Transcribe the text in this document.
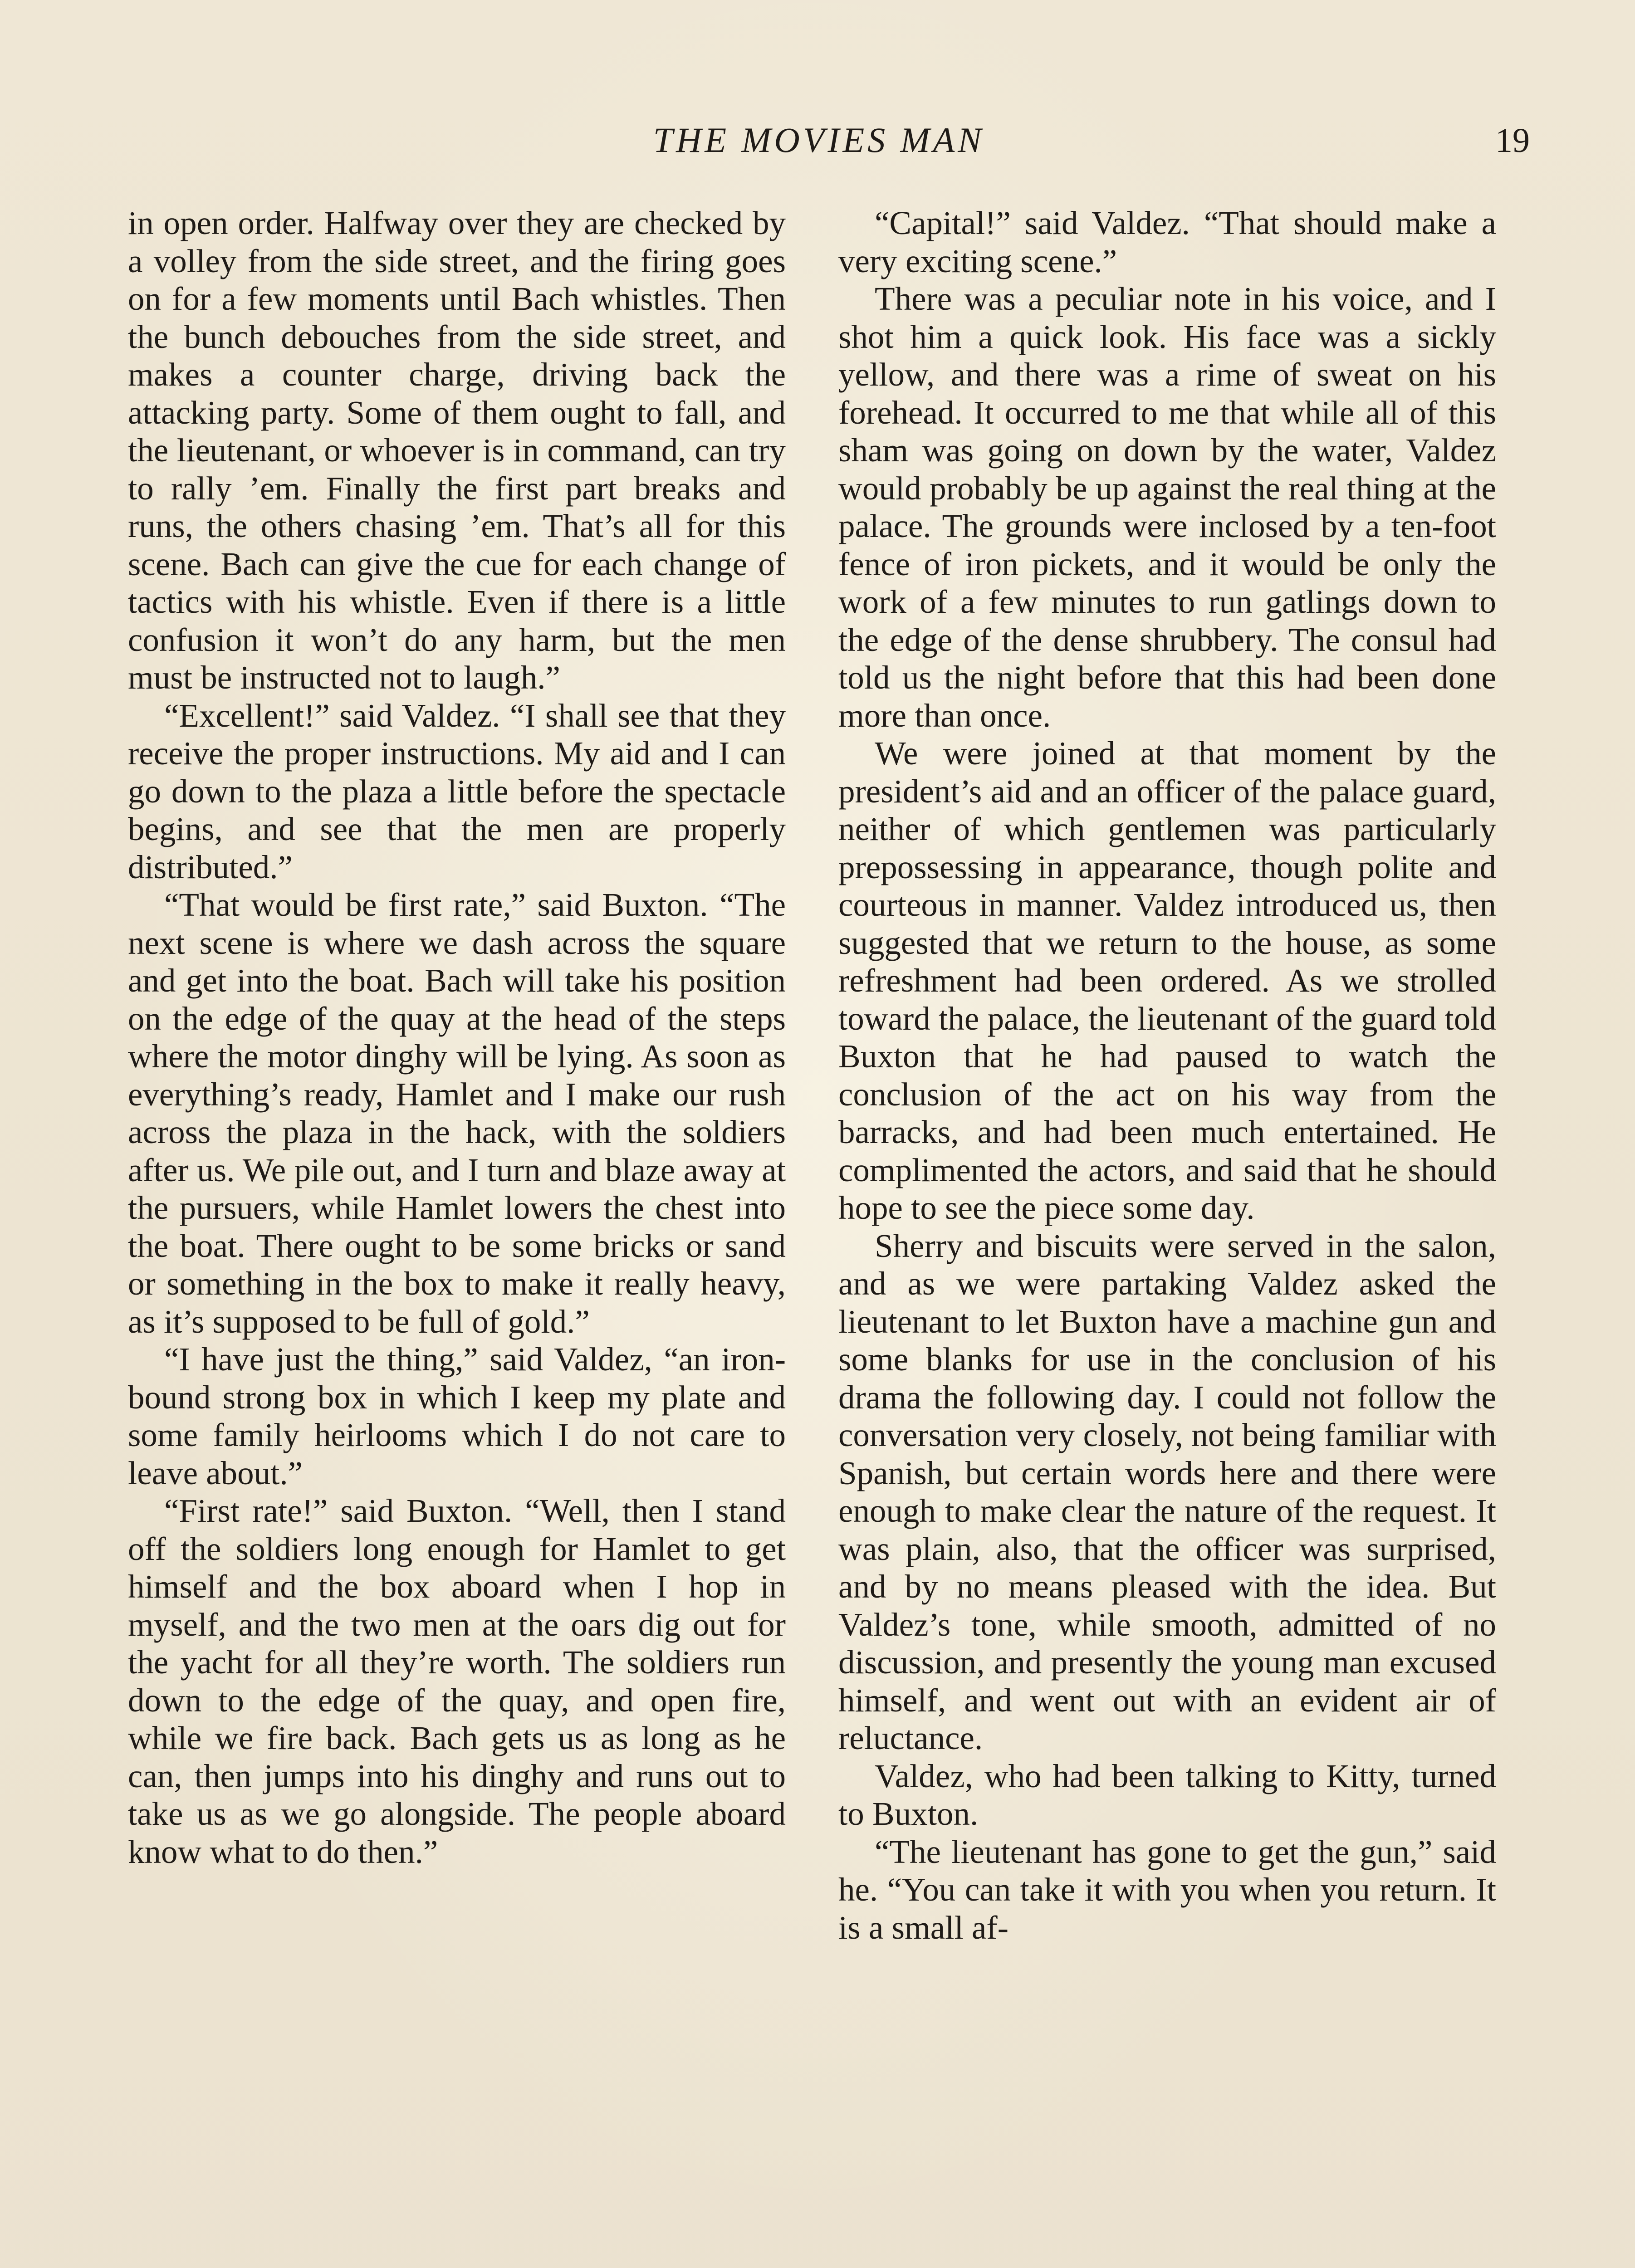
THE MOVIES MAN	19

in open order. Halfway over they are checked by a volley from the side street, and the firing goes on for a few moments until Bach whistles. Then the bunch debouches from the side street, and makes a counter charge, driving back the attacking party. Some of them ought to fall, and the lieutenant, or whoever is in command, can try to rally ’em. Finally the first part breaks and runs, the others chasing ’em. That’s all for this scene. Bach can give the cue for each change of tactics with his whistle. Even if there is a little confusion it won’t do any harm, but the men must be instructed not to laugh.”

“Excellent!” said Valdez. “I shall see that they receive the proper instructions. My aid and I can go down to the plaza a little before the spectacle begins, and see that the men are properly distributed.”

“That would be first rate,” said Buxton. “The next scene is where we dash across the square and get into the boat. Bach will take his position on the edge of the quay at the head of the steps where the motor dinghy will be lying. As soon as everything’s ready, Hamlet and I make our rush across the plaza in the hack, with the soldiers after us. We pile out, and I turn and blaze away at the pursuers, while Hamlet lowers the chest into the boat. There ought to be some bricks or sand or something in the box to make it really heavy, as it’s supposed to be full of gold.”

“I have just the thing,” said Valdez, “an iron-bound strong box in which I keep my plate and some family heirlooms which I do not care to leave about.”

“First rate!” said Buxton. “Well, then I stand off the soldiers long enough for Hamlet to get himself and the box aboard when I hop in myself, and the two men at the oars dig out for the yacht for all they’re worth. The soldiers run down to the edge of the quay, and open fire, while we fire back. Bach gets us as long as he can, then jumps into his dinghy and runs out to take us as we go alongside. The people aboard know what to do then.”

“Capital!” said Valdez. “That should make a very exciting scene.”

There was a peculiar note in his voice, and I shot him a quick look. His face was a sickly yellow, and there was a rime of sweat on his forehead. It occurred to me that while all of this sham was going on down by the water, Valdez would probably be up against the real thing at the palace. The grounds were inclosed by a ten-foot fence of iron pickets, and it would be only the work of a few minutes to run gatlings down to the edge of the dense shrubbery. The consul had told us the night before that this had been done more than once.

We were joined at that moment by the president’s aid and an officer of the palace guard, neither of which gentlemen was particularly prepossessing in appearance, though polite and courteous in manner. Valdez introduced us, then suggested that we return to the house, as some refreshment had been ordered. As we strolled toward the palace, the lieutenant of the guard told Buxton that he had paused to watch the conclusion of the act on his way from the barracks, and had been much entertained. He complimented the actors, and said that he should hope to see the piece some day.

Sherry and biscuits were served in the salon, and as we were partaking Valdez asked the lieutenant to let Buxton have a machine gun and some blanks for use in the conclusion of his drama the following day. I could not follow the conversation very closely, not being familiar with Spanish, but certain words here and there were enough to make clear the nature of the request. It was plain, also, that the officer was surprised, and by no means pleased with the idea. But Valdez’s tone, while smooth, admitted of no discussion, and presently the young man excused himself, and went out with an evident air of reluctance.

Valdez, who had been talking to Kitty, turned to Buxton.

“The lieutenant has gone to get the gun,” said he. “You can take it with you when you return. It is a small af-
